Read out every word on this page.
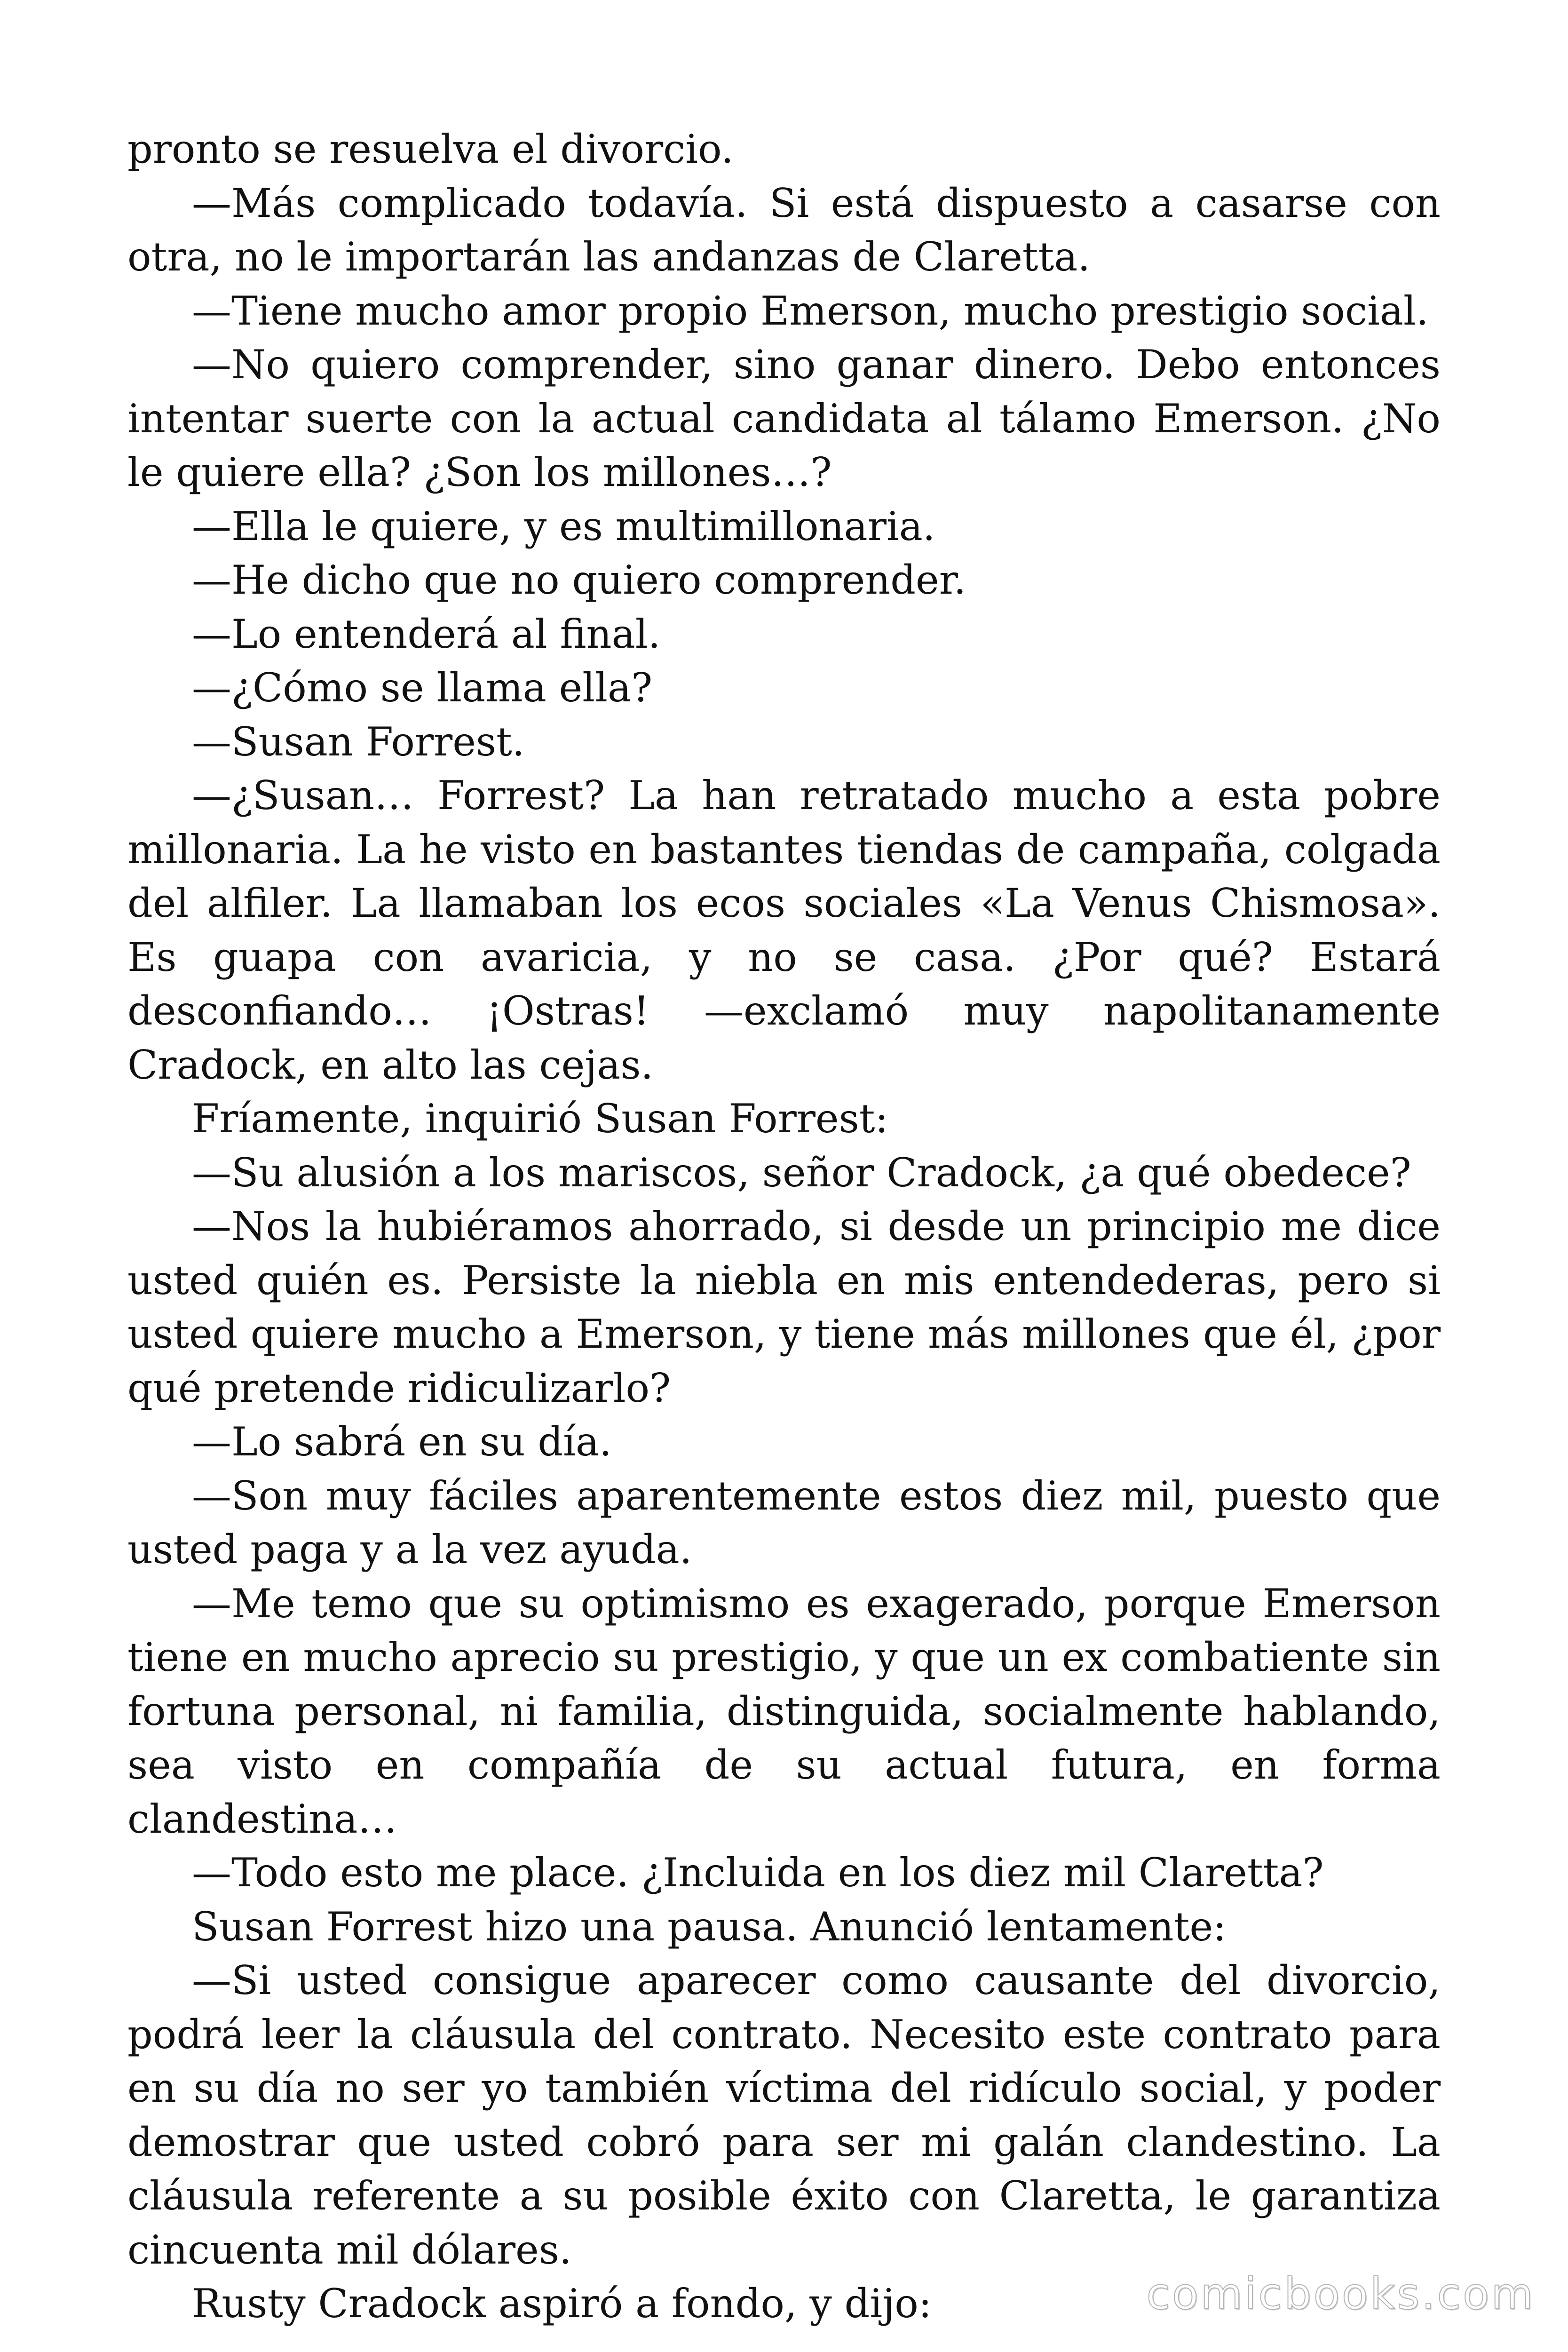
pronto se resuelva el divorcio.

—Más complicado todavía. Si está dispuesto a casarse con otra, no le importarán las andanzas de Claretta.

—Tiene mucho amor propio Emerson, mucho prestigio social.

—No quiero comprender, sino ganar dinero. Debo entonces intentar suerte con la actual candidata al tálamo Emerson. ¿No le quiere ella? ¿Son los millones…?

—Ella le quiere, y es multimillonaria.

—He dicho que no quiero comprender.

—Lo entenderá al final.

—¿Cómo se llama ella?

—Susan Forrest.

—¿Susan… Forrest? La han retratado mucho a esta pobre millonaria. La he visto en bastantes tiendas de campaña, colgada del alfiler. La llamaban los ecos sociales «La Venus Chismosa». Es guapa con avaricia, y no se casa. ¿Por qué? Estará desconfiando… ¡Ostras! —exclamó muy napolitanamente Cradock, en alto las cejas.

Fríamente, inquirió Susan Forrest:

—Su alusión a los mariscos, señor Cradock, ¿a qué obedece?

—Nos la hubiéramos ahorrado, si desde un principio me dice usted quién es. Persiste la niebla en mis entendederas, pero si usted quiere mucho a Emerson, y tiene más millones que él, ¿por qué pretende ridiculizarlo?

—Lo sabrá en su día.

—Son muy fáciles aparentemente estos diez mil, puesto que usted paga y a la vez ayuda.

—Me temo que su optimismo es exagerado, porque Emerson tiene en mucho aprecio su prestigio, y que un ex combatiente sin fortuna personal, ni familia, distinguida, socialmente hablando, sea visto en compañía de su actual futura, en forma clandestina…

—Todo esto me place. ¿Incluida en los diez mil Claretta?

Susan Forrest hizo una pausa. Anunció lentamente:

—Si usted consigue aparecer como causante del divorcio, podrá leer la cláusula del contrato. Necesito este contrato para en su día no ser yo también víctima del ridículo social, y poder demostrar que usted cobró para ser mi galán clandestino. La cláusula referente a su posible éxito con Claretta, le garantiza cincuenta mil dólares.

Rusty Cradock aspiró a fondo, y dijo:	comicbooks.com
